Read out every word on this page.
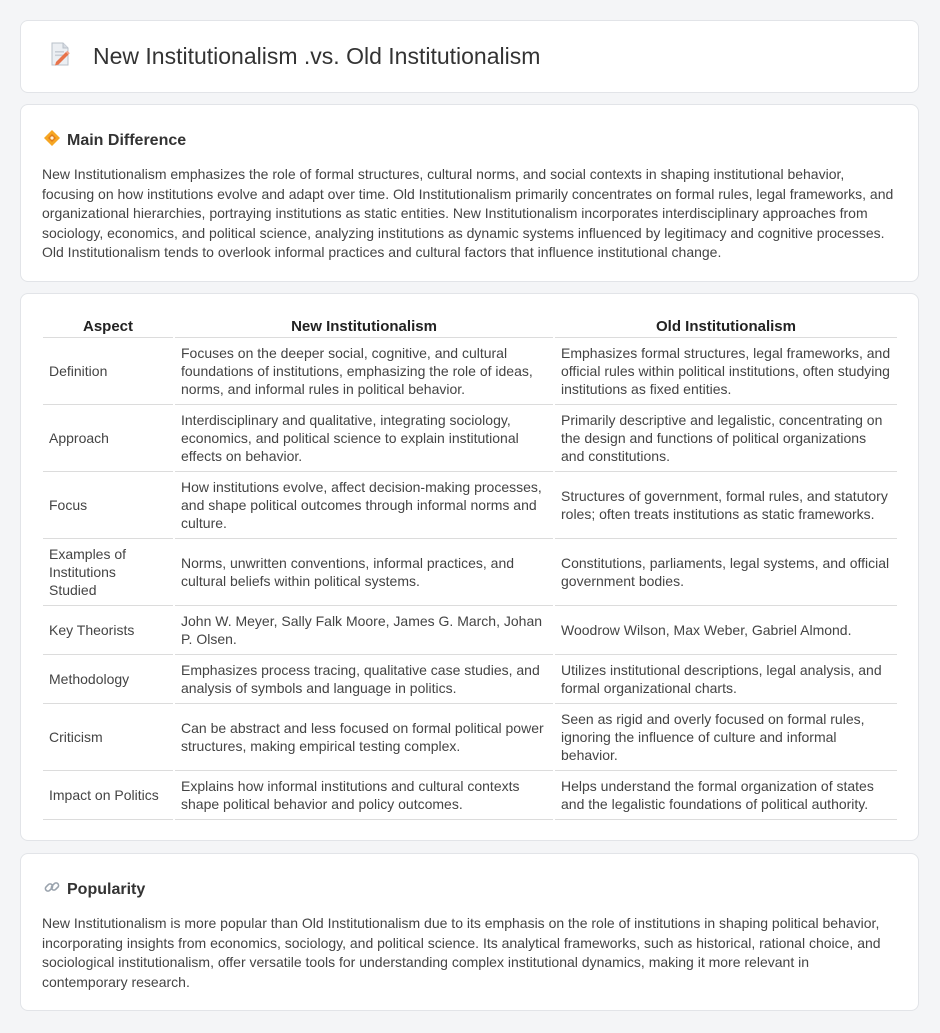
New Institutionalism .vs. Old Institutionalism
Main Difference

New Institutionalism emphasizes the role of formal structures, cultural norms, and social contexts in shaping institutional behavior, focusing on how institutions evolve and adapt over time. Old Institutionalism primarily concentrates on formal rules, legal frameworks, and organizational hierarchies, portraying institutions as static entities. New Institutionalism incorporates interdisciplinary approaches from sociology, economics, and political science, analyzing institutions as dynamic systems influenced by legitimacy and cognitive processes. Old Institutionalism tends to overlook informal practices and cultural factors that influence institutional change.

Aspect	New Institutionalism	Old Institutionalism
Definition	Focuses on the deeper social, cognitive, and cultural foundations of institutions, emphasizing the role of ideas, norms, and informal rules in political behavior.	Emphasizes formal structures, legal frameworks, and official rules within political institutions, often studying institutions as fixed entities.
Approach	Interdisciplinary and qualitative, integrating sociology, economics, and political science to explain institutional effects on behavior.	Primarily descriptive and legalistic, concentrating on the design and functions of political organizations and constitutions.
Focus	How institutions evolve, affect decision-making processes, and shape political outcomes through informal norms and culture.	Structures of government, formal rules, and statutory roles; often treats institutions as static frameworks.
Examples of Institutions Studied	Norms, unwritten conventions, informal practices, and cultural beliefs within political systems.	Constitutions, parliaments, legal systems, and official government bodies.
Key Theorists	John W. Meyer, Sally Falk Moore, James G. March, Johan P. Olsen.	Woodrow Wilson, Max Weber, Gabriel Almond.
Methodology	Emphasizes process tracing, qualitative case studies, and analysis of symbols and language in politics.	Utilizes institutional descriptions, legal analysis, and formal organizational charts.
Criticism	Can be abstract and less focused on formal political power structures, making empirical testing complex.	Seen as rigid and overly focused on formal rules, ignoring the influence of culture and informal behavior.
Impact on Politics	Explains how informal institutions and cultural contexts shape political behavior and policy outcomes.	Helps understand the formal organization of states and the legalistic foundations of political authority.
Popularity

New Institutionalism is more popular than Old Institutionalism due to its emphasis on the role of institutions in shaping political behavior, incorporating insights from economics, sociology, and political science. Its analytical frameworks, such as historical, rational choice, and sociological institutionalism, offer versatile tools for understanding complex institutional dynamics, making it more relevant in contemporary research.
